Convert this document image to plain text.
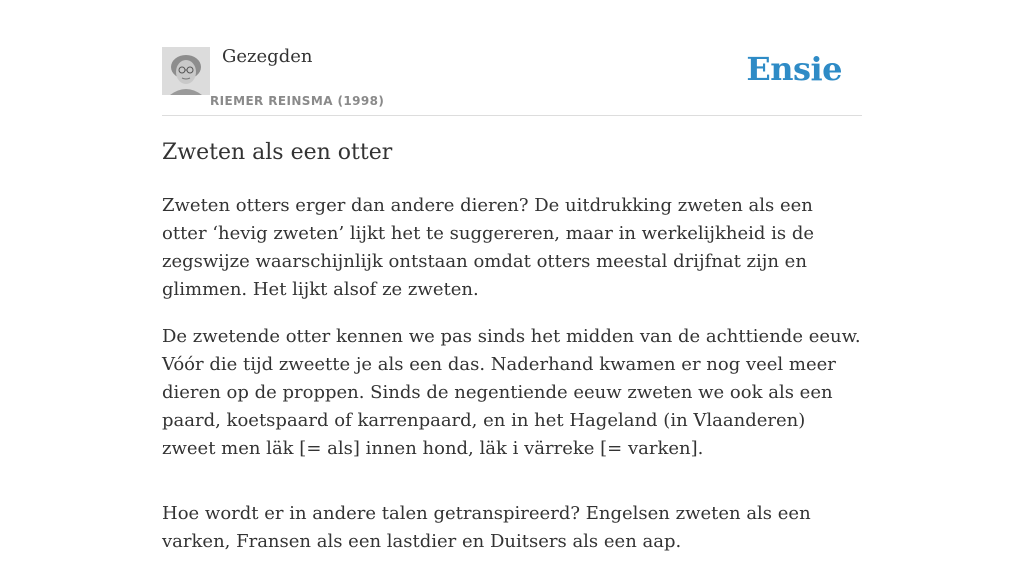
Gezegden
RIEMER REINSMA (1998)
Ensie
Zweten als een otter

Zweten otters erger dan andere dieren? De uitdrukking zweten als een otter ‘hevig zweten’ lijkt het te suggereren, maar in werkelijkheid is de zegswijze waarschijnlijk ontstaan omdat otters meestal drijfnat zijn en glimmen. Het lijkt alsof ze zweten.

De zwetende otter kennen we pas sinds het midden van de achttiende eeuw. Vóór die tijd zweette je als een das. Naderhand kwamen er nog veel meer dieren op de proppen. Sinds de negentiende eeuw zweten we ook als een paard, koetspaard of karrenpaard, en in het Hageland (in Vlaanderen) zweet men läk [= als] innen hond, läk i värreke [= varken].

Hoe wordt er in andere talen getranspireerd? Engelsen zweten als een varken, Fransen als een lastdier en Duitsers als een aap.
